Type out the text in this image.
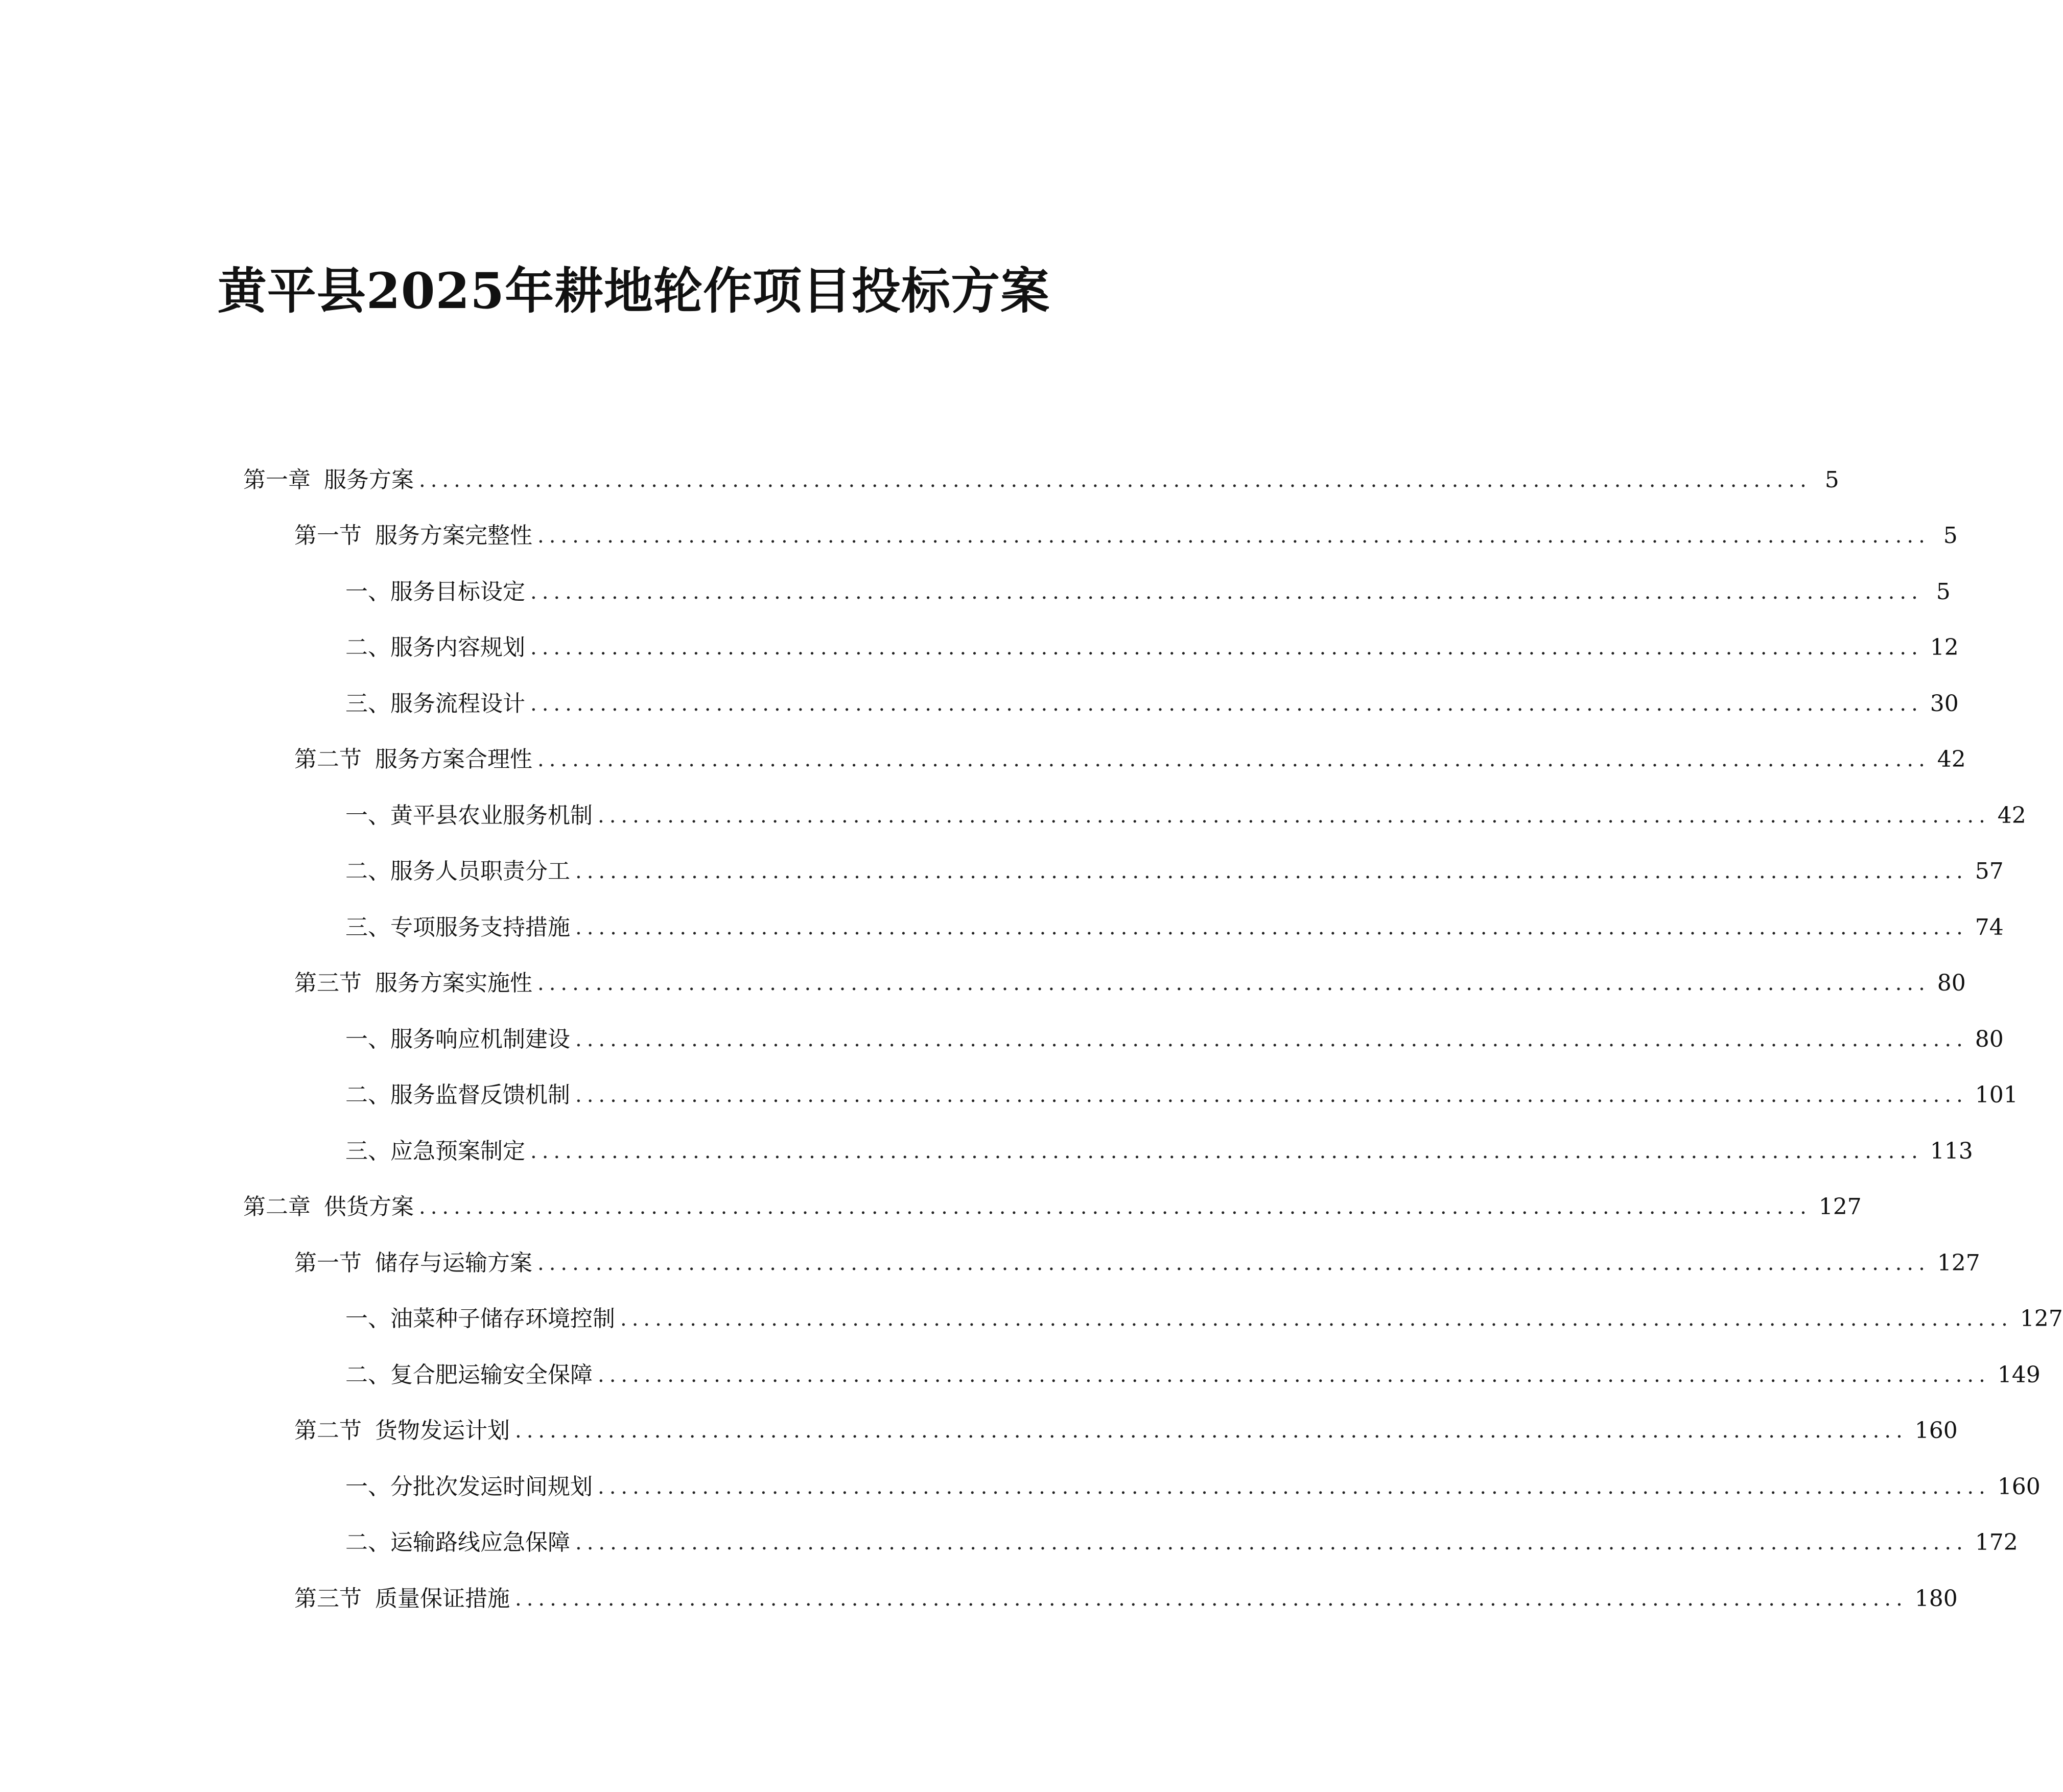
黄平县2025年耕地轮作项目投标方案
第一章 服务方案 ........................................................................................................................ 5
第一节 服务方案完整性 ........................................................................................................................ 5
一、 服务目标设定 ........................................................................................................................ 5
二、 服务内容规划 ........................................................................................................................ 12
三、 服务流程设计 ........................................................................................................................ 30
第二节 服务方案合理性 ........................................................................................................................ 42
一、 黄平县农业服务机制 ........................................................................................................................ 42
二、 服务人员职责分工 ........................................................................................................................ 57
三、 专项服务支持措施 ........................................................................................................................ 74
第三节 服务方案实施性 ........................................................................................................................ 80
一、 服务响应机制建设 ........................................................................................................................ 80
二、 服务监督反馈机制 ........................................................................................................................ 101
三、 应急预案制定 ........................................................................................................................ 113
第二章 供货方案 ........................................................................................................................ 127
第一节 储存与运输方案 ........................................................................................................................ 127
一、 油菜种子储存环境控制 ........................................................................................................................ 127
二、 复合肥运输安全保障 ........................................................................................................................ 149
第二节 货物发运计划 ........................................................................................................................ 160
一、 分批次发运时间规划 ........................................................................................................................ 160
二、 运输路线应急保障 ........................................................................................................................ 172
第三节 质量保证措施 ........................................................................................................................ 180
